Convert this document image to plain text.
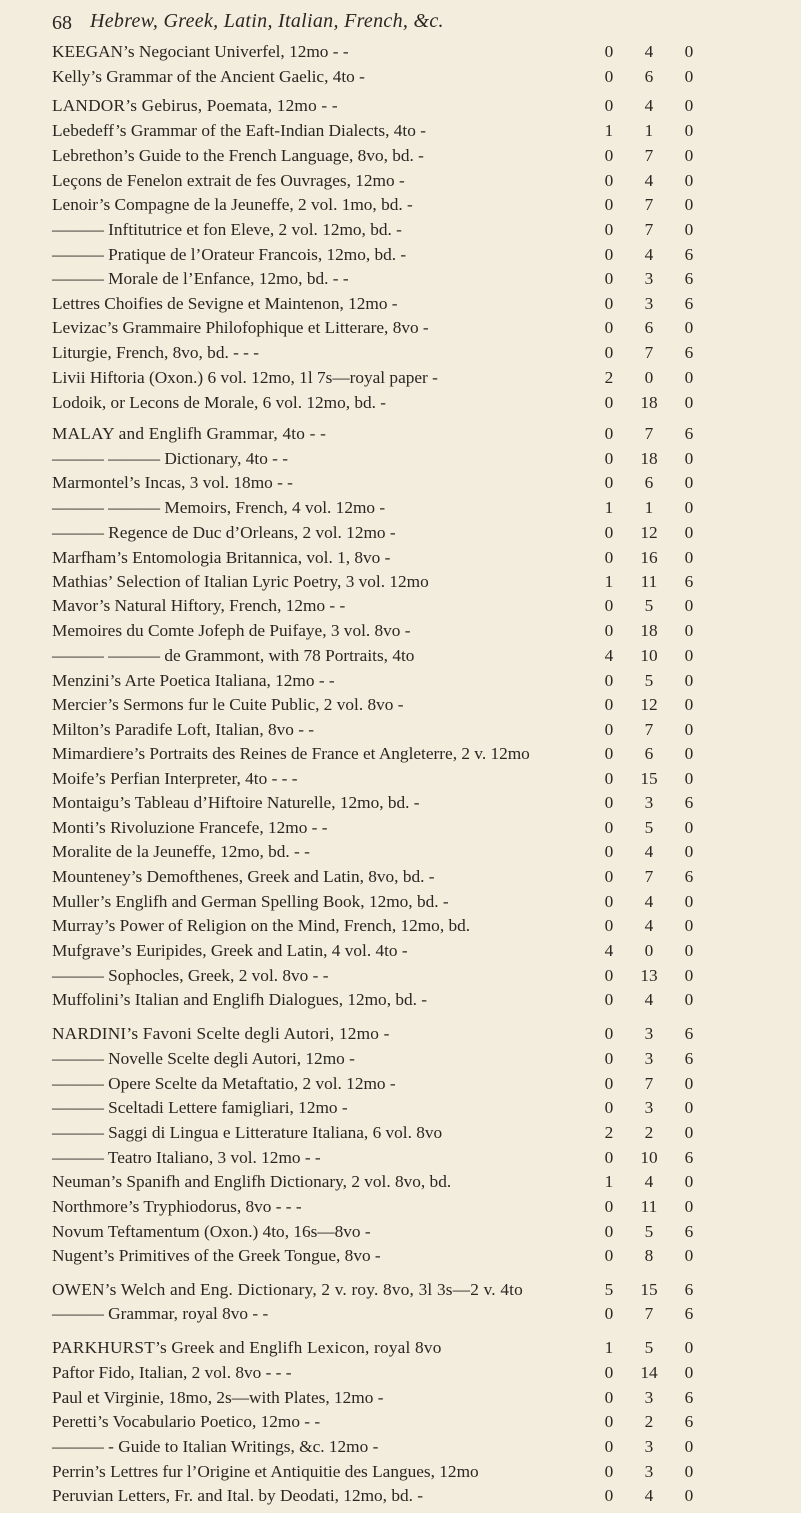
68 Hebrew, Greek, Latin, Italian, French, &c.
KEEGAN’s Negociant Univerfel, 12mo - -	0	4	0
Kelly’s Grammar of the Ancient Gaelic, 4to -	0	6	0
LANDOR’s Gebirus, Poemata, 12mo - -	0	4	0
Lebedeff’s Grammar of the Eaft-Indian Dialects, 4to -	1	1	0
Lebrethon’s Guide to the French Language, 8vo, bd. -	0	7	0
Leçons de Fenelon extrait de fes Ouvrages, 12mo -	0	4	0
Lenoir’s Compagne de la Jeuneffe, 2 vol. 1mo, bd. -	0	7	0
——— Inftitutrice et fon Eleve, 2 vol. 12mo, bd. -	0	7	0
——— Pratique de l’Orateur Francois, 12mo, bd. -	0	4	6
——— Morale de l’Enfance, 12mo, bd. - -	0	3	6
Lettres Choifies de Sevigne et Maintenon, 12mo -	0	3	6
Levizac’s Grammaire Philofophique et Litterare, 8vo -	0	6	0
Liturgie, French, 8vo, bd. - - -	0	7	6
Livii Hiftoria (Oxon.) 6 vol. 12mo, 1l 7s—royal paper -	2	0	0
Lodoik, or Lecons de Morale, 6 vol. 12mo, bd. -	0	18	0
MALAY and Englifh Grammar, 4to - -	0	7	6
——— ——— Dictionary, 4to - -	0	18	0
Marmontel’s Incas, 3 vol. 18mo - -	0	6	0
——— ——— Memoirs, French, 4 vol. 12mo -	1	1	0
——— Regence de Duc d’Orleans, 2 vol. 12mo -	0	12	0
Marfham’s Entomologia Britannica, vol. 1, 8vo -	0	16	0
Mathias’ Selection of Italian Lyric Poetry, 3 vol. 12mo	1	11	6
Mavor’s Natural Hiftory, French, 12mo - -	0	5	0
Memoires du Comte Jofeph de Puifaye, 3 vol. 8vo -	0	18	0
——— ——— de Grammont, with 78 Portraits, 4to	4	10	0
Menzini’s Arte Poetica Italiana, 12mo - -	0	5	0
Mercier’s Sermons fur le Cuite Public, 2 vol. 8vo -	0	12	0
Milton’s Paradife Loft, Italian, 8vo - -	0	7	0
Mimardiere’s Portraits des Reines de France et Angleterre, 2 v. 12mo	0	6	0
Moife’s Perfian Interpreter, 4to - - -	0	15	0
Montaigu’s Tableau d’Hiftoire Naturelle, 12mo, bd. -	0	3	6
Monti’s Rivoluzione Francefe, 12mo - -	0	5	0
Moralite de la Jeuneffe, 12mo, bd. - -	0	4	0
Mounteney’s Demofthenes, Greek and Latin, 8vo, bd. -	0	7	6
Muller’s Englifh and German Spelling Book, 12mo, bd. -	0	4	0
Murray’s Power of Religion on the Mind, French, 12mo, bd.	0	4	0
Mufgrave’s Euripides, Greek and Latin, 4 vol. 4to -	4	0	0
——— Sophocles, Greek, 2 vol. 8vo - -	0	13	0
Muffolini’s Italian and Englifh Dialogues, 12mo, bd. -	0	4	0
NARDINI’s Favoni Scelte degli Autori, 12mo -	0	3	6
——— Novelle Scelte degli Autori, 12mo -	0	3	6
——— Opere Scelte da Metaftatio, 2 vol. 12mo -	0	7	0
——— Sceltadi Lettere famigliari, 12mo -	0	3	0
——— Saggi di Lingua e Litterature Italiana, 6 vol. 8vo	2	2	0
——— Teatro Italiano, 3 vol. 12mo - -	0	10	6
Neuman’s Spanifh and Englifh Dictionary, 2 vol. 8vo, bd.	1	4	0
Northmore’s Tryphiodorus, 8vo - - -	0	11	0
Novum Teftamentum (Oxon.) 4to, 16s—8vo -	0	5	6
Nugent’s Primitives of the Greek Tongue, 8vo -	0	8	0
OWEN’s Welch and Eng. Dictionary, 2 v. roy. 8vo, 3l 3s—2 v. 4to	5	15	6
——— Grammar, royal 8vo - -	0	7	6
PARKHURST’s Greek and Englifh Lexicon, royal 8vo	1	5	0
Paftor Fido, Italian, 2 vol. 8vo - - -	0	14	0
Paul et Virginie, 18mo, 2s—with Plates, 12mo -	0	3	6
Peretti’s Vocabulario Poetico, 12mo - -	0	2	6
——— - Guide to Italian Writings, &c. 12mo -	0	3	0
Perrin’s Lettres fur l’Origine et Antiquitie des Langues, 12mo	0	3	0
Peruvian Letters, Fr. and Ital. by Deodati, 12mo, bd. -	0	4	0
